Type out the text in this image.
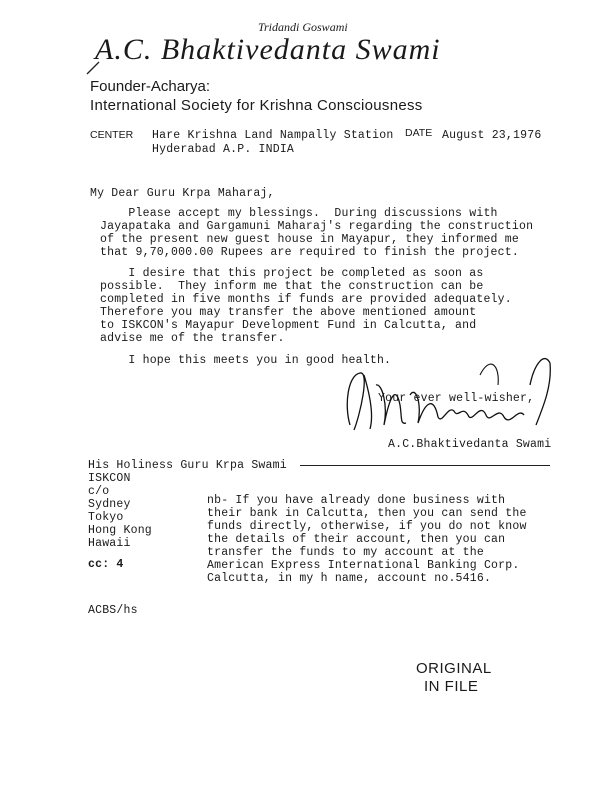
Tridandi Goswami
A.C. Bhaktivedanta Swami
Founder-Acharya:
International Society for Krishna Consciousness
CENTER Hare Krishna Land Nampally Station
Hyderabad A.P. INDIA
DATE August 23,1976
My Dear Guru Krpa Maharaj,
Please accept my blessings.  During discussions with
Jayapataka and Gargamuni Maharaj's regarding the construction
of the present new guest house in Mayapur, they informed me
that 9,70,000.00 Rupees are required to finish the project.
I desire that this project be completed as soon as
possible.  They inform me that the construction can be
completed in five months if funds are provided adequately.
Therefore you may transfer the above mentioned amount
to ISKCON's Mayapur Development Fund in Calcutta, and
advise me of the transfer.
I hope this meets you in good health.
Your ever well-wisher,
A.C.Bhaktivedanta Swami
His Holiness Guru Krpa Swami
ISKCON
c/o
Sydney
Tokyo
Hong Kong
Hawaii
nb- If you have already done business with
their bank in Calcutta, then you can send the
funds directly, otherwise, if you do not know
the details of their account, then you can
transfer the funds to my account at the
American Express International Banking Corp.
Calcutta, in my h name, account no.5416.
cc: 4
ACBS/hs
ORIGINAL
IN FILE
